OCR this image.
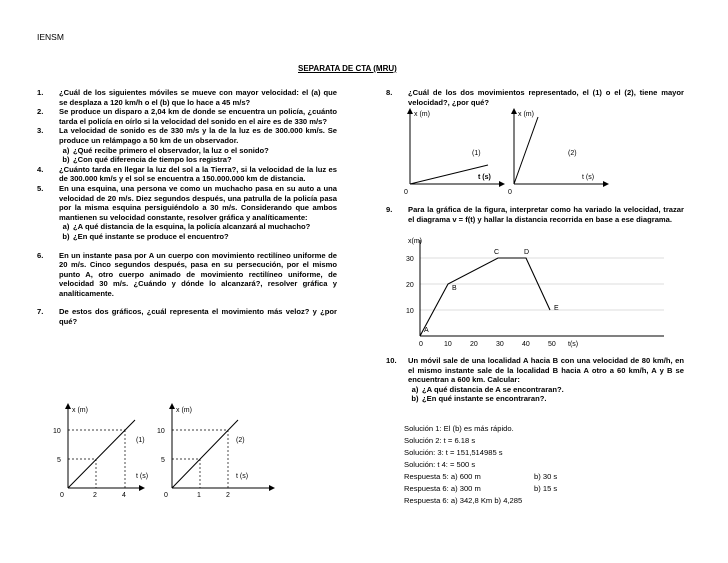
IENSM
SEPARATA DE CTA (MRU)
1.	¿Cuál de los siguientes móviles se mueve con mayor velocidad: el (a) que se desplaza a 120 km/h o el (b) que lo hace a 45 m/s?
2.	Se produce un disparo a 2,04 km de donde se encuentra un policía, ¿cuánto tarda el policía en oírlo si la velocidad del sonido en el aire es de 330 m/s?
3.	La velocidad de sonido es de 330 m/s y la de la luz es de 300.000 km/s. Se produce un relámpago a 50 km de un observador.
a) ¿Qué recibe primero el observador, la luz o el sonido?
b) ¿Con qué diferencia de tiempo los registra?
4.	¿Cuánto tarda en llegar la luz del sol a la Tierra?, si la velocidad de la luz es de 300.000 km/s y el sol se encuentra a 150.000.000 km de distancia.
5.	En una esquina, una persona ve como un muchacho pasa en su auto a una velocidad de 20 m/s. Diez segundos después, una patrulla de la policía pasa por la misma esquina persiguiéndolo a 30 m/s. Considerando que ambos mantienen su velocidad constante, resolver gráfica y analíticamente:
a) ¿A qué distancia de la esquina, la policía alcanzará al muchacho?
b) ¿En qué instante se produce el encuentro?
6.	En un instante pasa por A un cuerpo con movimiento rectilíneo uniforme de 20 m/s. Cinco segundos después, pasa en su persecución, por el mismo punto A, otro cuerpo animado de movimiento rectilíneo uniforme, de velocidad 30 m/s. ¿Cuándo y dónde lo alcanzará?, resolver gráfica y analíticamente.
7.	De estos dos gráficos, ¿cuál representa el movimiento más veloz? y ¿por qué?
x (m)
10
5
0	2	4
(1)
t (s)
x (m)
10
5
0	1	2
(2)
t (s)
8.	¿Cuál de los dos movimientos representado, el (1) o el (2), tiene mayor velocidad?, ¿por qué?
x (m)
(1)
t (s)
0
x (m)
(2)
t (s)
0
9.	Para la gráfica de la figura, interpretar como ha variado la velocidad, trazar el diagrama v = f(t) y hallar la distancia recorrida en base a ese diagrama.
x(m)
30
20
10
0	10	20	30	40	50 t(s)
A
B
C	D
E
10.	Un móvil sale de una localidad A hacia B con una velocidad de 80 km/h, en el mismo instante sale de la localidad B hacia A otro a 60 km/h, A y B se encuentran a 600 km. Calcular:
a) ¿A qué distancia de A se encontraran?.
b) ¿En qué instante se encontraran?.
Solución 1: El (b) es más rápido.
Solución 2: t = 6.18 s
Solución: 3: t = 151,514985 s
Solución: t 4: = 500 s
Respuesta 5: a) 600 m	b) 30 s
Respuesta 6: a) 300 m	b) 15 s
Respuesta 6: a) 342,8 Km b) 4,285
